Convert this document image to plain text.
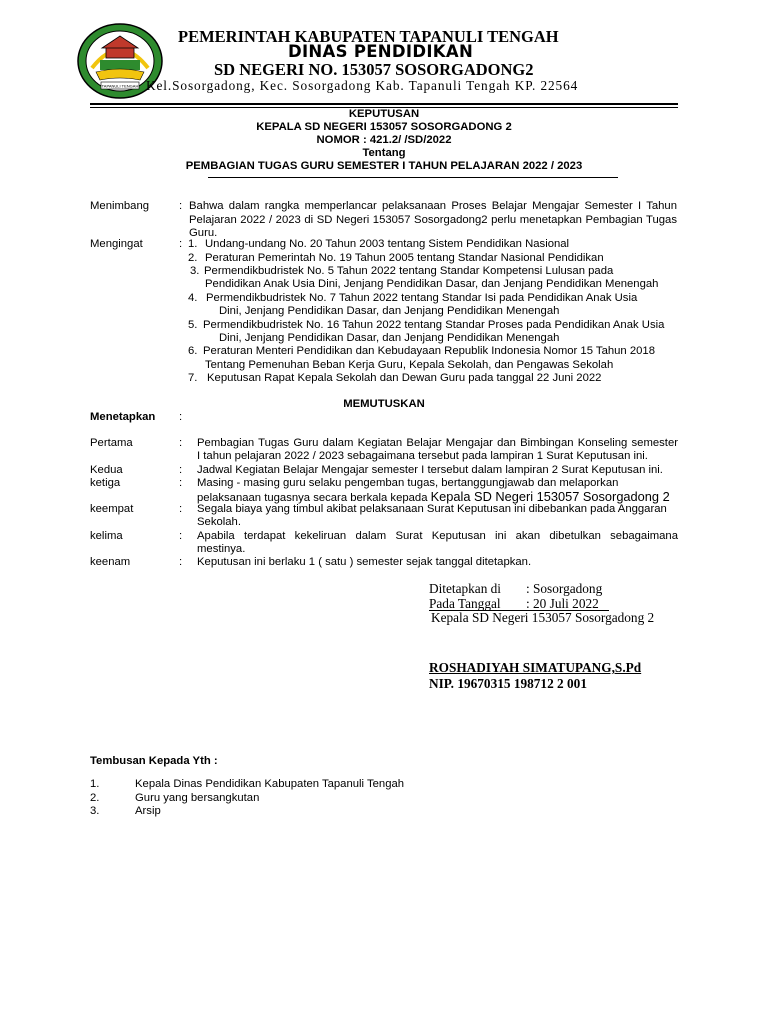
TAPANULI TENGAH
PEMERINTAH KABUPATEN TAPANULI TENGAH
DINAS PENDIDIKAN
SD NEGERI NO. 153057 SOSORGADONG2
Kel.Sosorgadong, Kec. Sosorgadong Kab. Tapanuli Tengah KP. 22564
KEPUTUSAN
KEPALA SD NEGERI 153057 SOSORGADONG 2
NOMOR : 421.2/ /SD/2022
Tentang
PEMBAGIAN TUGAS GURU SEMESTER I TAHUN PELAJARAN 2022 / 2023
Menimbang	: Bahwa dalam rangka memperlancar pelaksanaan Proses Belajar Mengajar Semester I Tahun Pelajaran 2022 / 2023 di SD Negeri 153057 Sosorgadong2 perlu menetapkan Pembagian Tugas Guru.
Mengingat	: 1. Undang-undang No. 20 Tahun 2003 tentang Sistem Pendidikan Nasional
2. Peraturan Pemerintah No. 19 Tahun 2005 tentang Standar Nasional Pendidikan
3. Permendikbudristek No. 5 Tahun 2022 tentang Standar Kompetensi Lulusan pada
Pendidikan Anak Usia Dini, Jenjang Pendidikan Dasar, dan Jenjang Pendidikan Menengah
4. Permendikbudristek No. 7 Tahun 2022 tentang Standar Isi pada Pendidikan Anak Usia
Dini, Jenjang Pendidikan Dasar, dan Jenjang Pendidikan Menengah
5. Permendikbudristek No. 16 Tahun 2022 tentang Standar Proses pada Pendidikan Anak Usia
Dini, Jenjang Pendidikan Dasar, dan Jenjang Pendidikan Menengah
6. Peraturan Menteri Pendidikan dan Kebudayaan Republik Indonesia Nomor 15 Tahun 2018
Tentang Pemenuhan Beban Kerja Guru, Kepala Sekolah, dan Pengawas Sekolah
7. Keputusan Rapat Kepala Sekolah dan Dewan Guru pada tanggal 22 Juni 2022
MEMUTUSKAN
Menetapkan :
Pertama	: Pembagian Tugas Guru dalam Kegiatan Belajar Mengajar dan Bimbingan Konseling semester
I tahun pelajaran 2022 / 2023 sebagaimana tersebut pada lampiran 1 Surat Keputusan ini.
Kedua	: Jadwal Kegiatan Belajar Mengajar semester I tersebut dalam lampiran 2 Surat Keputusan ini.
ketiga	: Masing - masing guru selaku pengemban tugas, bertanggungjawab dan melaporkan
pelaksanaan tugasnya secara berkala kepada Kepala SD Negeri 153057 Sosorgadong 2
keempat	: Segala biaya yang timbul akibat pelaksanaan Surat Keputusan ini dibebankan pada Anggaran
Sekolah.
kelima	: Apabila terdapat kekeliruan dalam Surat Keputusan ini akan dibetulkan sebagaimana
mestinya.
keenam	: Keputusan ini berlaku 1 ( satu ) semester sejak tanggal ditetapkan.
Ditetapkan di : Sosorgadong
Pada Tanggal : 20 Juli 2022
Kepala SD Negeri 153057 Sosorgadong 2
ROSHADIYAH SIMATUPANG,S.Pd
NIP. 19670315 198712 2 001
Tembusan Kepada Yth :
1.	Kepala Dinas Pendidikan Kabupaten Tapanuli Tengah
2.	Guru yang bersangkutan
3.	Arsip
